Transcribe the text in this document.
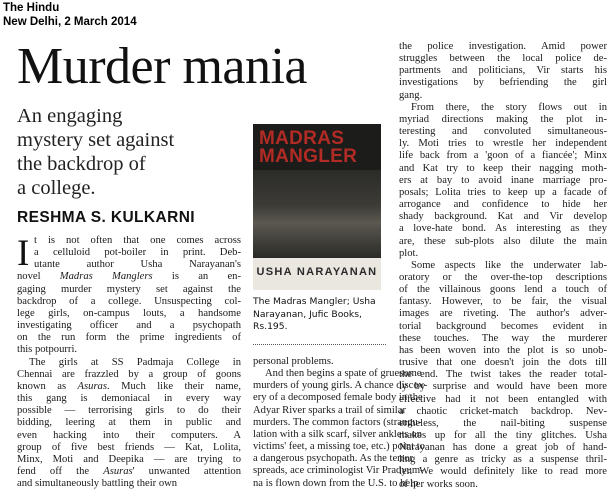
The Hindu
New Delhi, 2 March 2014
Murder mania
An engaging
mystery set against
the backdrop of
a college.
RESHMA S. KULKARNI
I t is not often that one comes across
a celluloid pot-boiler in print. Deb-
utante author Usha Narayanan's
novel Madras Manglers is an en-
gaging murder mystery set against the
backdrop of a college. Unsuspecting col-
lege girls, on-campus louts, a handsome
investigating officer and a psychopath
on the run form the prime ingredients of
this potpourri.
The girls at SS Padmaja College in
Chennai are frazzled by a group of goons
known as Asuras. Much like their name,
this gang is demoniacal in every way
possible — terrorising girls to do their
bidding, leering at them in public and
even hacking into their computers. A
group of five best friends — Kat, Lolita,
Minx, Moti and Deepika — are trying to
fend off the Asuras' unwanted attention
and simultaneously battling their own
MADRAS
MANGLER
USHA NARAYANAN
The Madras Mangler; Usha
Narayanan, Jufic Books,
Rs.195.
personal problems.
And then begins a spate of gruesome
murders of young girls. A chance discov-
ery of a decomposed female body in the
Adyar River sparks a trail of similar
murders. The common factors (strangu-
lation with a silk scarf, silver anklets on
victims' feet, a missing toe, etc.) point to
a dangerous psychopath. As the terror
spreads, ace criminologist Vir Pradyum-
na is flown down from the U.S. to help
the police investigation. Amid power
struggles between the local police de-
partments and politicians, Vir starts his
investigations by befriending the girl
gang.
From there, the story flows out in
myriad directions making the plot in-
teresting and convoluted simultaneous-
ly. Moti tries to wrestle her independent
life back from a 'goon of a fiancée'; Minx
and Kat try to keep their nagging moth-
ers at bay to avoid inane marriage pro-
posals; Lolita tries to keep up a facade of
arrogance and confidence to hide her
shady background. Kat and Vir develop
a love-hate bond. As interesting as they
are, these sub-plots also dilute the main
plot.
Some aspects like the underwater lab-
oratory or the over-the-top descriptions
of the villainous goons lend a touch of
fantasy. However, to be fair, the visual
images are riveting. The author's adver-
torial background becomes evident in
these touches. The way the murderer
has been woven into the plot is so unob-
trusive that one doesn't join the dots till
the end. The twist takes the reader total-
ly by surprise and would have been more
effective had it not been entangled with
a chaotic cricket-match backdrop. Nev-
ertheless, the nail-biting suspense
makes up for all the tiny glitches. Usha
Narayanan has done a great job of hand-
ling a genre as tricky as a suspense thril-
ler. We would definitely like to read more
of her works soon.
